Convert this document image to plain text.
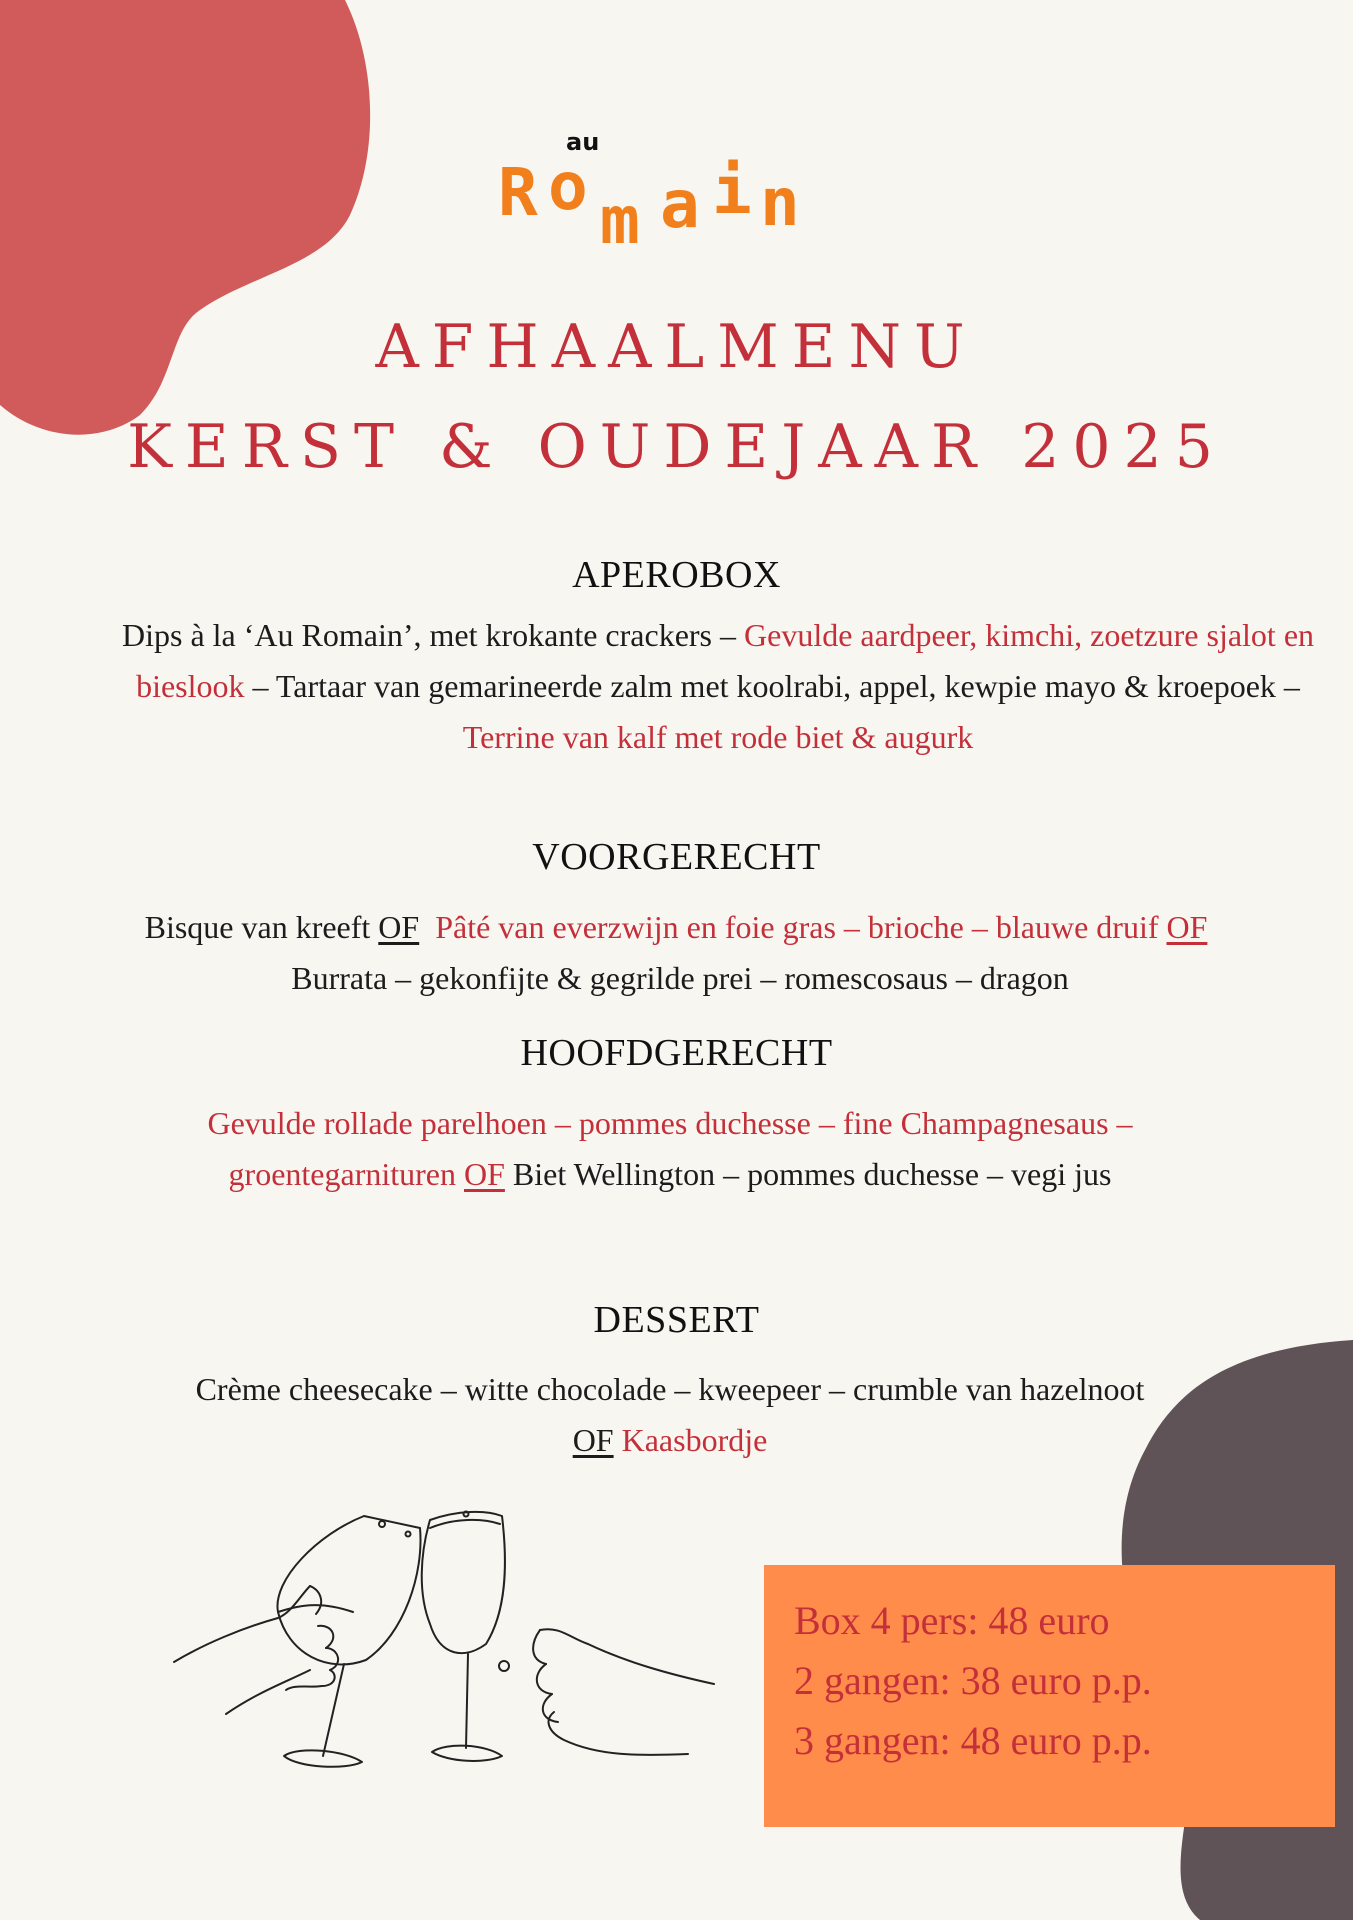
au
R o m a i n
AFHAALMENU
KERST & OUDEJAAR 2025
APEROBOX

Dips à la ‘Au Romain’, met krokante crackers – Gevulde aardpeer, kimchi, zoetzure sjalot en bieslook – Tartaar van gemarineerde zalm met koolrabi, appel, kewpie mayo & kroepoek – Terrine van kalf met rode biet & augurk

VOORGERECHT

Bisque van kreeft OF Pâté van everzwijn en foie gras – brioche – blauwe druif OF  Burrata – gekonfijte & gegrilde prei – romescosaus – dragon

HOOFDGERECHT

Gevulde rollade parelhoen – pommes duchesse – fine Champagnesaus – groentegarnituren OF Biet Wellington – pommes duchesse – vegi jus

DESSERT

Crème cheesecake – witte chocolade – kweepeer – crumble van hazelnoot
OF Kaasbordje

Box 4 pers: 48 euro
2 gangen: 38 euro p.p.
3 gangen: 48 euro p.p.
